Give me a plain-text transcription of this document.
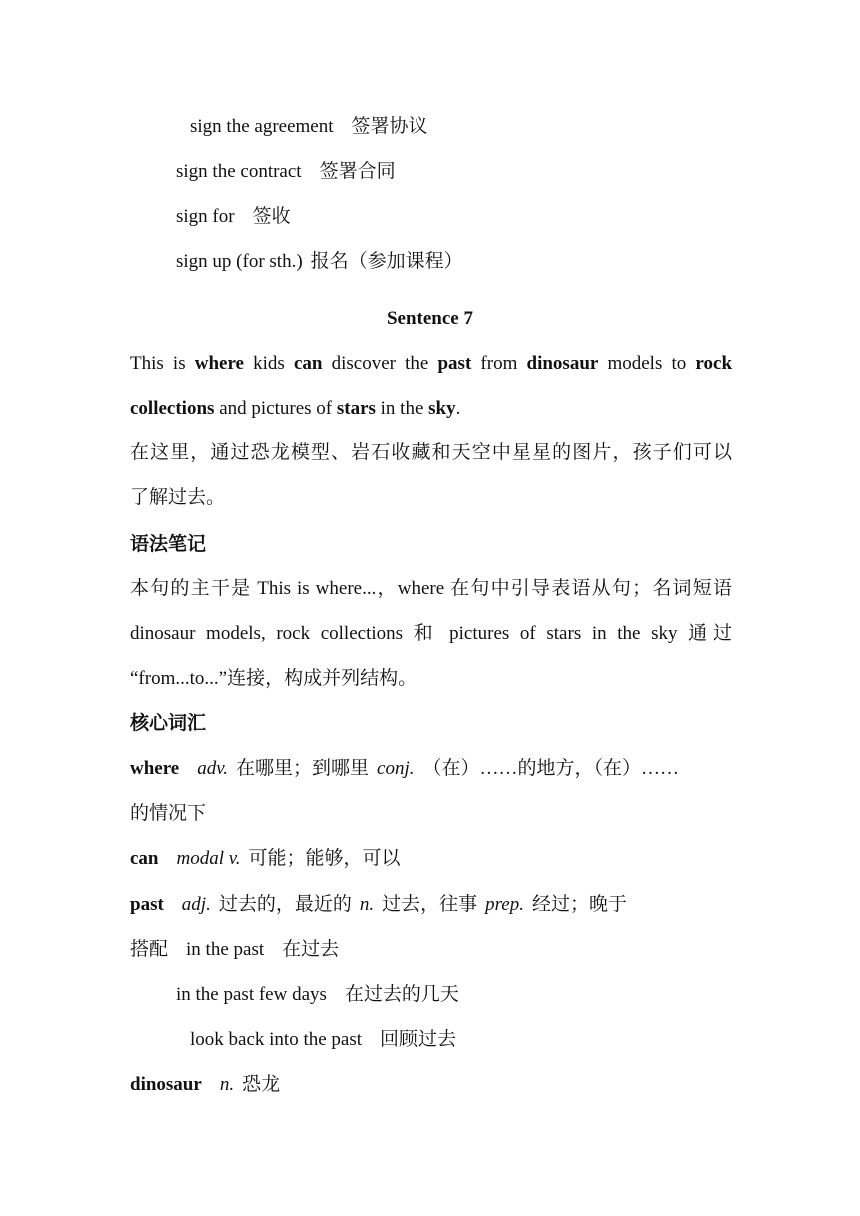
sign the agreement 签署协议
sign the contract 签署合同
sign for 签收
sign up (for sth.) 报名（参加课程）
Sentence 7
This is where kids can discover the past from dinosaur models to rock
collections and pictures of stars in the sky.
在这里，通过恐龙模型、岩石收藏和天空中星星的图片，孩子们可以
了解过去。
语法笔记
本句的主干是 This is where...，where 在句中引导表语从句；名词短语
dinosaur models, rock collections 和 pictures of stars in the sky 通过
“from...to...”连接，构成并列结构。
核心词汇
where adv. 在哪里；到哪里 conj. （在）……的地方，（在）……
的情况下
can modal v. 可能；能够，可以
past adj. 过去的，最近的 n. 过去，往事 prep. 经过；晚于
搭配 in the past 在过去
in the past few days 在过去的几天
look back into the past 回顾过去
dinosaur n. 恐龙
